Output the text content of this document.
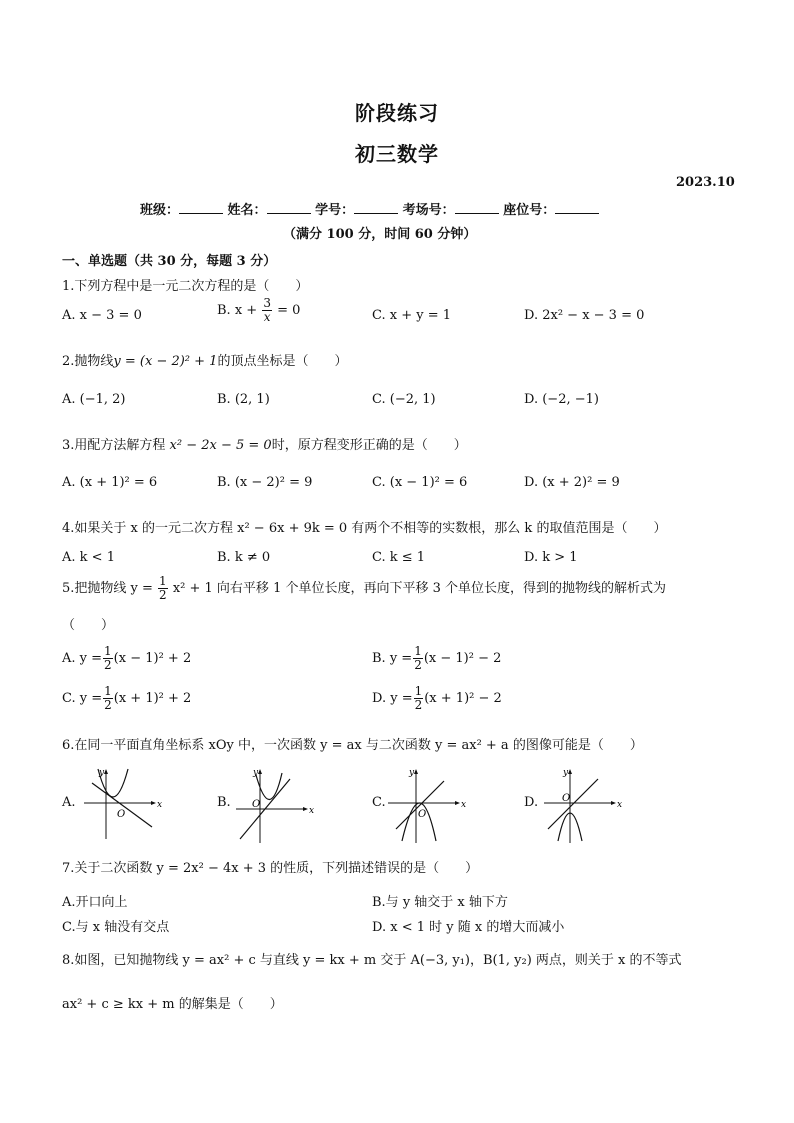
阶段练习
初三数学
2023.10
班级：	姓名：	学号：	考场号：	座位号：
（满分 100 分，时间 60 分钟）
一、单选题（共 30 分，每题 3 分）
1.下列方程中是一元二次方程的是（　　）
A. x − 3 = 0	B. $x + \frac{3}{x} = 0$	C. x + y = 1	D. 2x² − x − 3 = 0
2.抛物线y = (x − 2)² + 1的顶点坐标是（　　）
A. (−1, 2)	B. (2, 1)	C. (−2, 1)	D. (−2, −1)
3.用配方法解方程 x² − 2x − 5 = 0时，原方程变形正确的是（　　）
A. (x + 1)² = 6	B. (x − 2)² = 9	C. (x − 1)² = 6	D. (x + 2)² = 9
4.如果关于 x 的一元二次方程 x² − 6x + 9k = 0 有两个不相等的实数根，那么 k 的取值范围是（　　）
A. k < 1	B. k ≠ 0	C. k ≤ 1	D. k > 1
5.把抛物线 $y = \frac{1}{2} x^2 + 1$ 向右平移 1 个单位长度，再向下平移 3 个单位长度，得到的抛物线的解析式为
（　　）
A. $y = \frac{1}{2} (x - 1)^2 + 2$	B. $y = \frac{1}{2} (x - 1)^2 - 2$
C. $y = \frac{1}{2} (x + 1)^2 + 2$	D. $y = \frac{1}{2} (x + 1)^2 - 2$
6.在同一平面直角坐标系 xOy 中，一次函数 y = ax 与二次函数 y = ax² + a 的图像可能是（　　）
A.	x
y
O
B.
x
y
O	C.	x
y
O
D.	x
y
O
7.关于二次函数 y = 2x² − 4x + 3 的性质，下列描述错误的是（　　）
A.开口向上	B.与 y 轴交于 x 轴下方
C.与 x 轴没有交点	D. x < 1 时 y 随 x 的增大而减小
8.如图，已知抛物线 y = ax² + c 与直线 y = kx + m 交于 A(−3, y₁)，B(1, y₂) 两点，则关于 x 的不等式
ax² + c ≥ kx + m 的解集是（　　）
